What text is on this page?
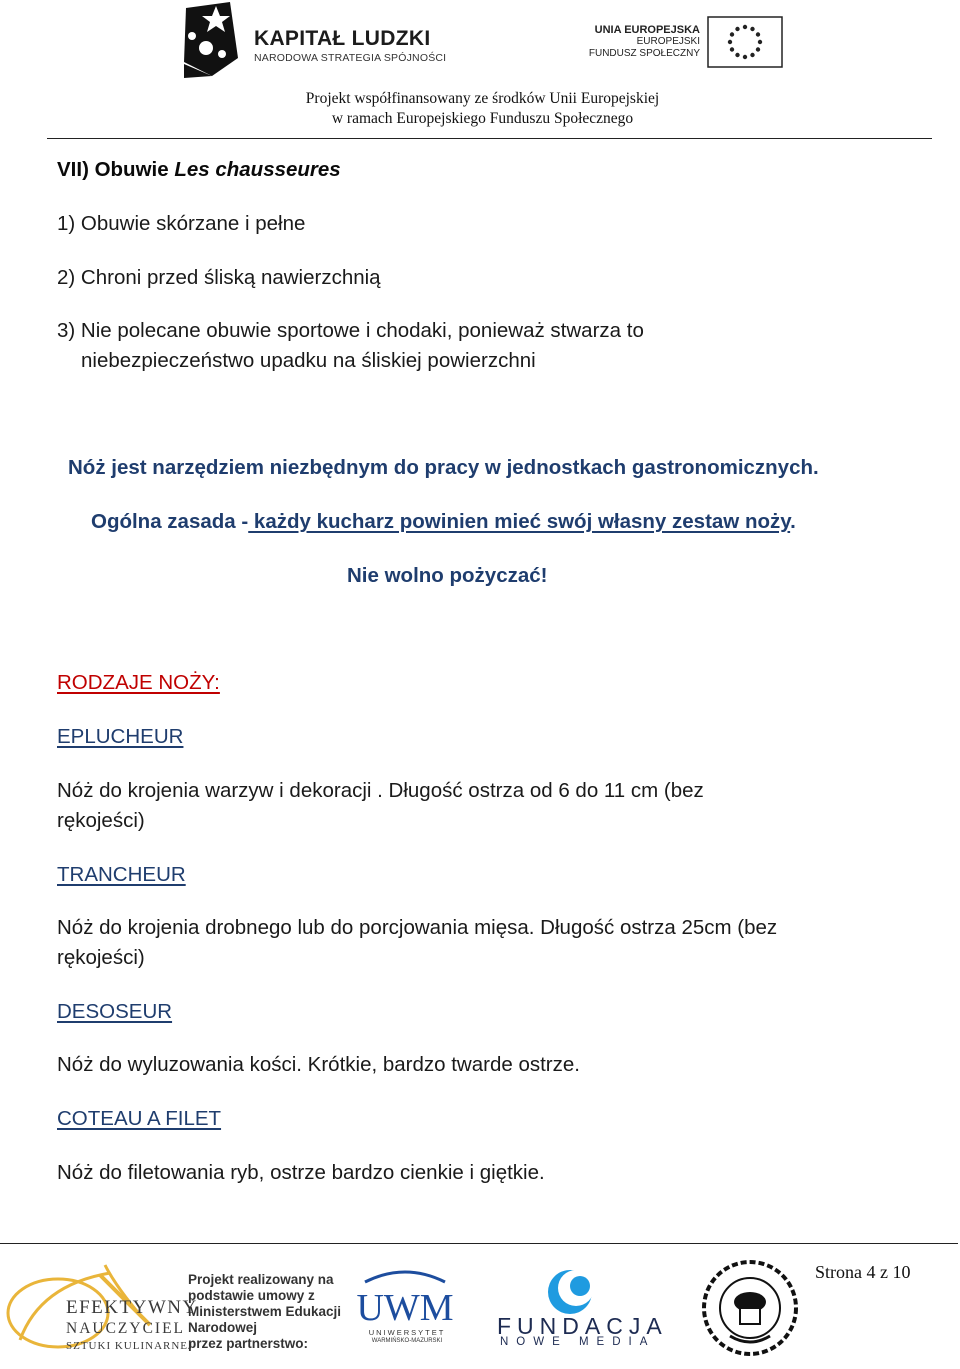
KAPITAŁ LUDZKI
NARODOWA STRATEGIA SPÓJNOŚCI
UNIA EUROPEJSKA
EUROPEJSKI
FUNDUSZ SPOŁECZNY
Projekt współfinansowany ze środków Unii Europejskiej
w ramach Europejskiego Funduszu Społecznego
VII) Obuwie Les chausseures
1) Obuwie skórzane i pełne
2) Chroni przed śliską nawierzchnią
3) Nie polecane obuwie sportowe i chodaki, ponieważ stwarza to
niebezpieczeństwo upadku na śliskiej powierzchni
Nóż jest narzędziem niezbędnym do pracy w jednostkach gastronomicznych.
Ogólna zasada - każdy kucharz powinien mieć swój własny zestaw noży.
Nie wolno pożyczać!
RODZAJE NOŻY:
EPLUCHEUR
Nóż do krojenia warzyw i dekoracji . Długość ostrza od 6 do 11 cm (bez
rękojeści)
TRANCHEUR
Nóż do krojenia drobnego lub do porcjowania mięsa. Długość ostrza 25cm (bez
rękojeści)
DESOSEUR
Nóż do wyluzowania kości. Krótkie, bardzo twarde ostrze.
COTEAU A FILET
Nóż do filetowania ryb, ostrze bardzo cienkie i giętkie.
Strona 4 z 10
EFEKTYWNY
NAUCZYCIEL
SZTUKI KULINARNEJ
Projekt realizowany na
podstawie umowy z
Ministerstwem Edukacji
Narodowej
przez partnerstwo:
UWM
UNIWERSYTET
WARMIŃSKO-MAZURSKI
FUNDACJA
NOWE MEDIA
